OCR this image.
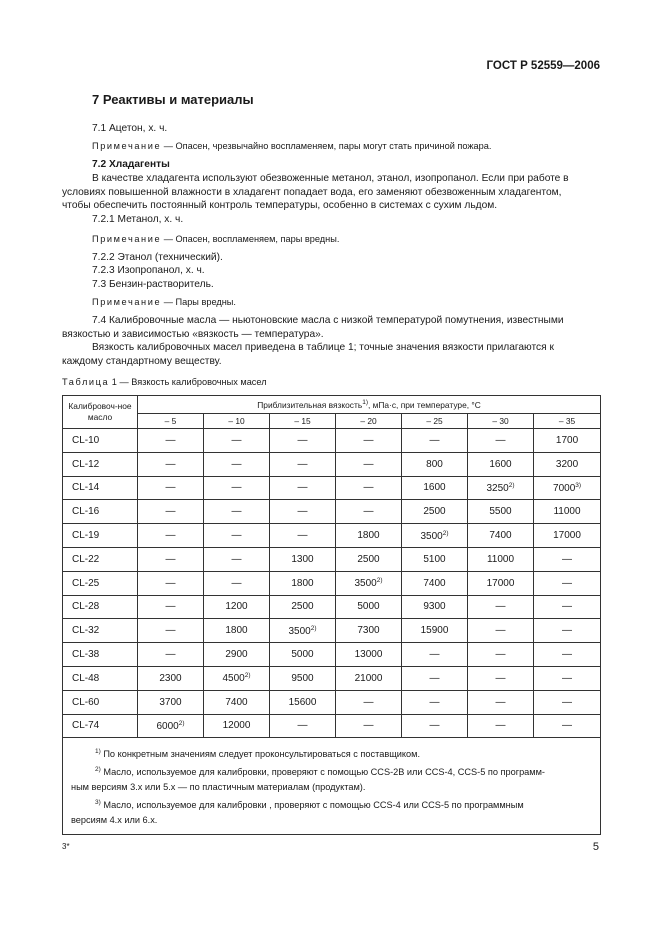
ГОСТ Р 52559—2006
7 Реактивы и материалы
7.1 Ацетон, х. ч.
Примечание — Опасен, чрезвычайно воспламеняем, пары могут стать причиной пожара.
7.2 Хладагенты
В качестве хладагента используют обезвоженные метанол, этанол, изопропанол. Если при работе в
условиях повышенной влажности в хладагент попадает вода, его заменяют обезвоженным хладагентом,
чтобы обеспечить постоянный контроль температуры, особенно в системах с сухим льдом.
7.2.1 Метанол, х. ч.
Примечание — Опасен, воспламеняем, пары вредны.
7.2.2 Этанол (технический).
7.2.3 Изопропанол, х. ч.
7.3 Бензин-растворитель.
Примечание — Пары вредны.
7.4 Калибровочные масла — ньютоновские масла с низкой температурой помутнения, известными
вязкостью и зависимостью «вязкость — температура».
Вязкость калибровочных масел приведена в таблице 1; точные значения вязкости прилагаются к
каждому стандартному веществу.
Таблица 1 — Вязкость калибровочных масел
Калибровоч-ное масло	Приблизительная вязкость$^{1)}$, мПа·с, при температуре, °С						
	– 5	– 10	– 15	– 20	– 25	– 30	– 35
CL-10	—	—	—	—	—	—	1700
CL-12	—	—	—	—	800	1600	3200
CL-14	—	—	—	—	1600	3250$^{2)}$	7000$^{3)}$
CL-16	—	—	—	—	2500	5500	11000
CL-19	—	—	—	1800	3500$^{2)}$	7400	17000
CL-22	—	—	1300	2500	5100	11000	—
CL-25	—	—	1800	3500$^{2)}$	7400	17000	—
CL-28	—	1200	2500	5000	9300	—	—
CL-32	—	1800	3500$^{2)}$	7300	15900	—	—
CL-38	—	2900	5000	13000	—	—	—
CL-48	2300	4500$^{2)}$	9500	21000	—	—	—
CL-60	3700	7400	15600	—	—	—	—
CL-74	6000$^{2)}$	12000	—	—	—	—	—

$^{1)}$ По конкретным значениям следует проконсультироваться с поставщиком.
$^{2)}$ Масло, используемое для калибровки, проверяют с помощью CCS-2B или CCS-4, CCS-5 по программ-
ным версиям 3.х или 5.х — по пластичным материалам (продуктам).
$^{3)}$ Масло, используемое для калибровки , проверяют с помощью CCS-4 или CCS-5 по программным
версиям 4.х или 6.х.							
3*	5
